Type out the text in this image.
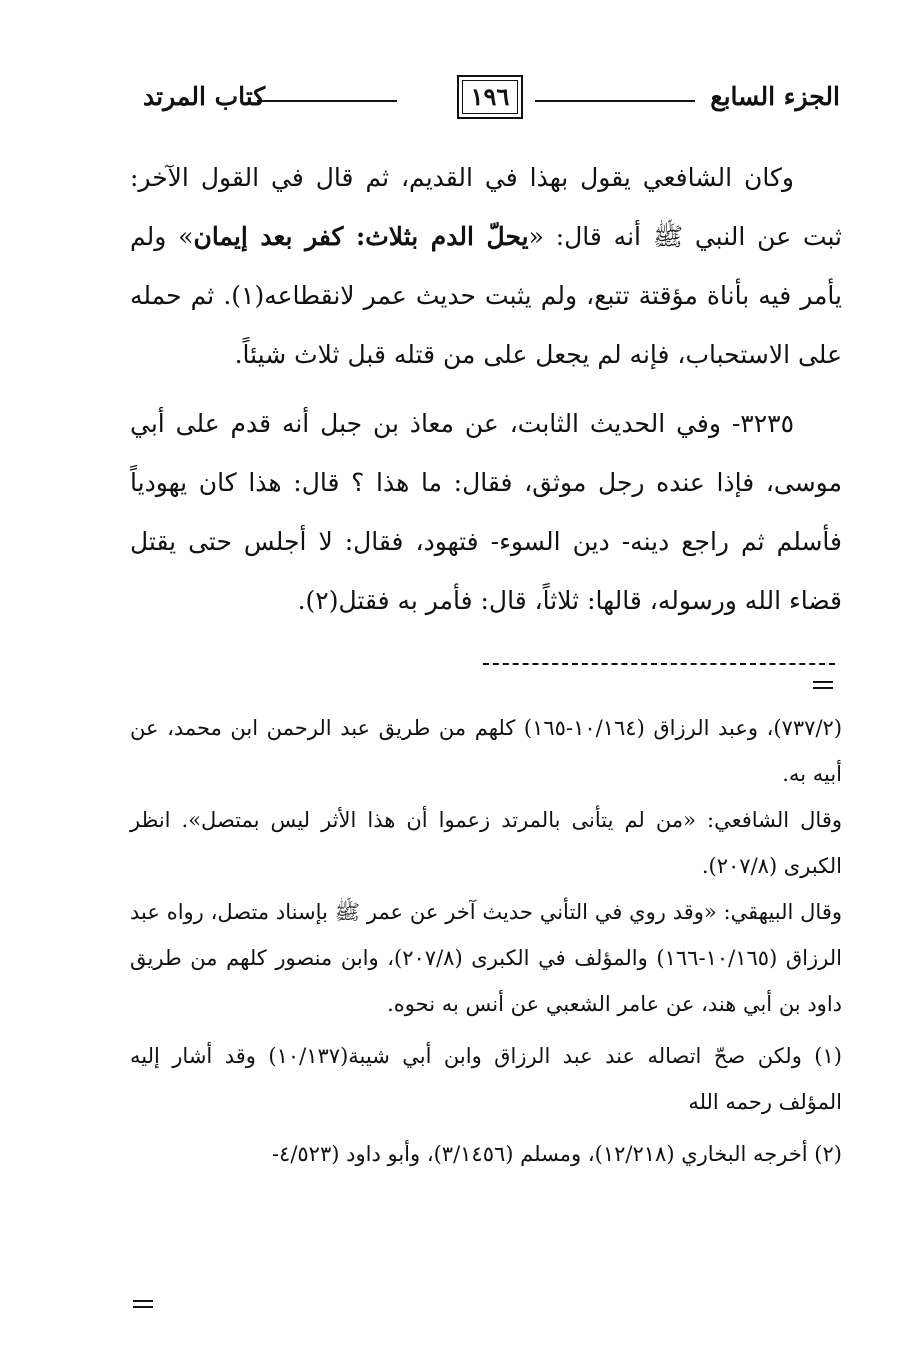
الجزء السابع
١٩٦
كتاب المرتد

وكان الشافعي يقول بهذا في القديم، ثم قال في القول الآخر: ثبت عن النبي ﷺ أنه قال: «يحلّ الدم بثلاث: كفر بعد إيمان» ولم يأمر فيه بأناة مؤقتة تتبع، ولم يثبت حديث عمر لانقطاعه(١). ثم حمله على الاستحباب، فإنه لم يجعل على من قتله قبل ثلاث شيئاً.

٣٢٣٥- وفي الحديث الثابت، عن معاذ بن جبل أنه قدم على أبي موسى، فإذا عنده رجل موثق، فقال: ما هذا ؟ قال: هذا كان يهودياً فأسلم ثم راجع دينه- دين السوء- فتهود، فقال: لا أجلس حتى يقتل قضاء الله ورسوله، قالها: ثلاثاً، قال: فأمر به فقتل(٢).

(٧٣٧/٢)، وعبد الرزاق (١٠/١٦٤-١٦٥) كلهم من طريق عبد الرحمن ابن محمد، عن أبيه به.

وقال الشافعي: «من لم يتأنى بالمرتد زعموا أن هذا الأثر ليس بمتصل». انظر الكبرى (٢٠٧/٨).

وقال البيهقي: «وقد روي في التأني حديث آخر عن عمر ﷺ بإسناد متصل، رواه عبد الرزاق (١٠/١٦٥-١٦٦) والمؤلف في الكبرى (٢٠٧/٨)، وابن منصور كلهم من طريق داود بن أبي هند، عن عامر الشعبي عن أنس به نحوه.

(١) ولكن صحّ اتصاله عند عبد الرزاق وابن أبي شيبة(١٠/١٣٧) وقد أشار إليه المؤلف رحمه الله

(٢) أخرجه البخاري (١٢/٢١٨)، ومسلم (٣/١٤٥٦)، وأبو داود (٤/٥٢٣-
